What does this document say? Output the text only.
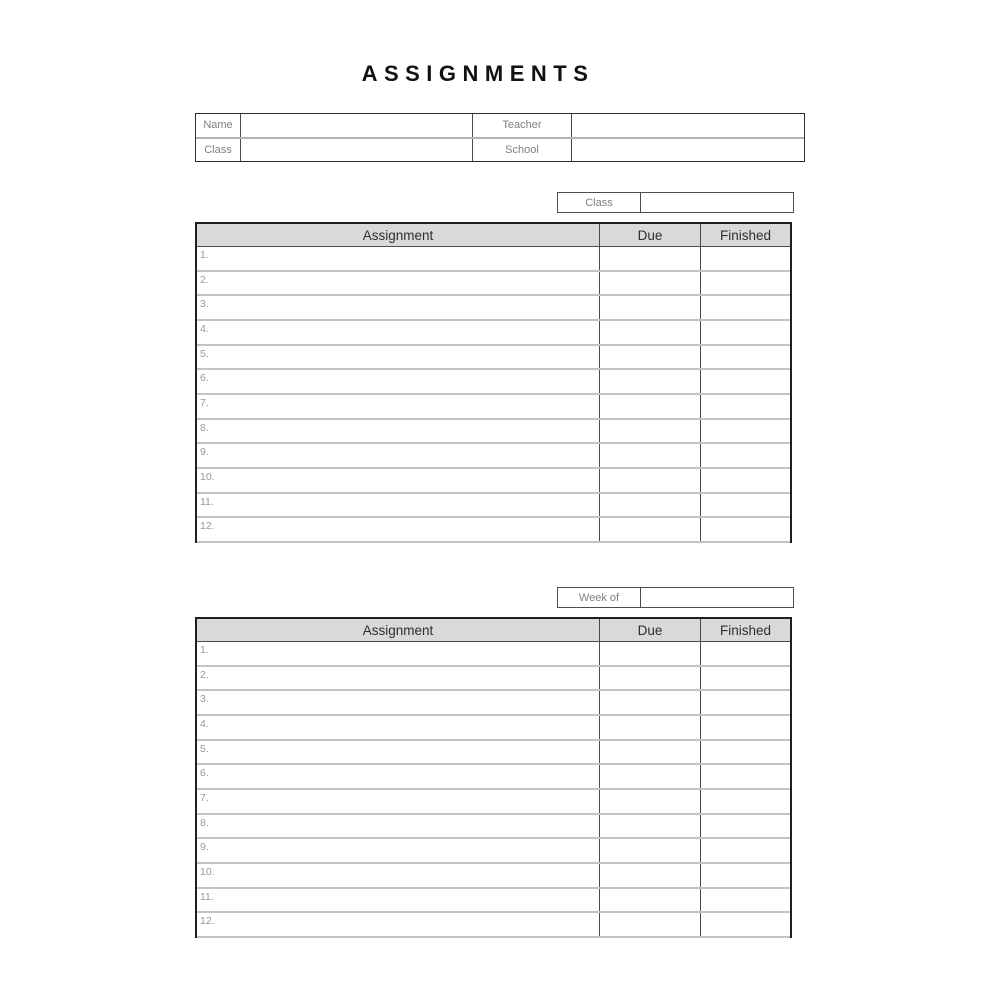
ASSIGNMENTS
Name	Teacher
Class	School
Class
Assignment	Due	Finished
1.
2.
3.
4.
5.
6.
7.
8.
9.
10.
11.
12.
Week of
Assignment	Due	Finished
1.
2.
3.
4.
5.
6.
7.
8.
9.
10.
11.
12.
